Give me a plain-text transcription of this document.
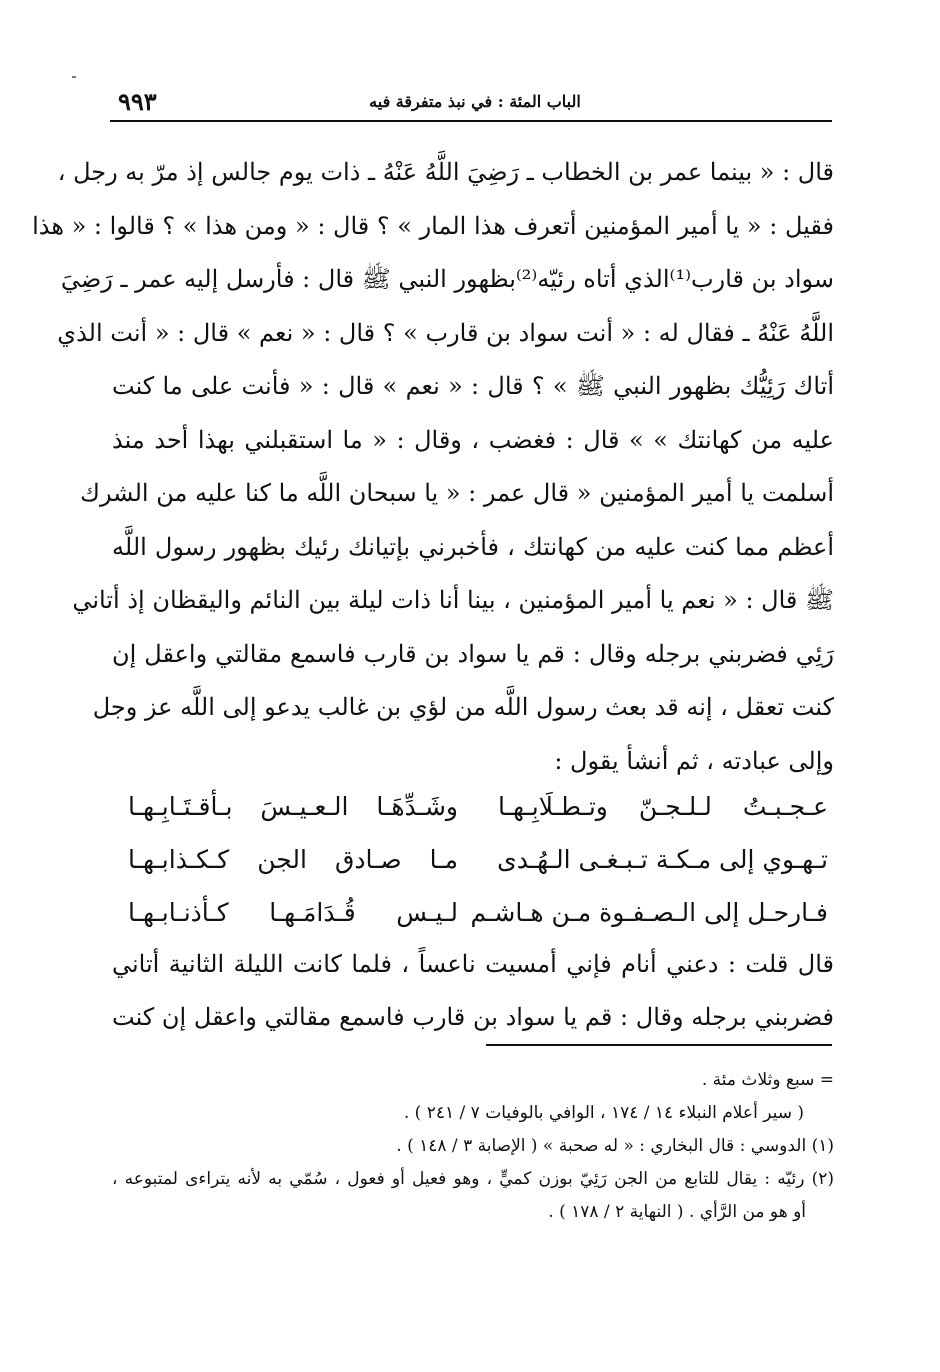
٩٩٣	الباب المئة : في نبذ متفرقة فيه
قال : « بينما عمر بن الخطاب ـ رَضِيَ اللَّهُ عَنْهُ ـ ذات يوم جالس إذ مرّ به رجل ،
فقيل : « يا أمير المؤمنين أتعرف هذا المار » ؟ قال : « ومن هذا » ؟ قالوا : « هذا
سواد بن قارب⁽¹⁾الذي أتاه رئيّه⁽²⁾بظهور النبي ﷺ قال : فأرسل إليه عمر ـ رَضِيَ
اللَّهُ عَنْهُ ـ فقال له : « أنت سواد بن قارب » ؟ قال : « نعم » قال : « أنت الذي
أتاك رَئِيُّك بظهور النبي ﷺ » ؟ قال : « نعم » قال : « فأنت على ما كنت
عليه من كهانتك » » قال : فغضب ، وقال : « ما استقبلني بهذا أحد منذ
أسلمت يا أمير المؤمنين « قال عمر : « يا سبحان اللَّه ما كنا عليه من الشرك
أعظم مما كنت عليه من كهانتك ، فأخبرني بإتيانك رئيك بظهور رسول اللَّه
ﷺ قال : « نعم يا أمير المؤمنين ، بينا أنا ذات ليلة بين النائم واليقظان إذ أتاني
رَئِي فضربني برجله وقال : قم يا سواد بن قارب فاسمع مقالتي واعقل إن
كنت تعقل ، إنه قد بعث رسول اللَّه من لؤي بن غالب يدعو إلى اللَّه عز وجل
وإلى عبادته ، ثم أنشأ يقول :
عـجـبـتُ لـلـجـنّ وتـطـلَابِـهـا
وشَـدِّهَـا الـعـيـسَ بـأقـتَـابِـهـا
تـهـوي إلى مـكـة تـبـغـى الـهُـدى
مـا صـادق الجن كـكـذابـهـا
فـارحـل إلى الـصـفـوة مـن هـاشـم
لـيـس قُـدَامَـهـا كـأذنـابـهـا
قال قلت : دعني أنام فإني أمسيت ناعساً ، فلما كانت الليلة الثانية أتاني
فضربني برجله وقال : قم يا سواد بن قارب فاسمع مقالتي واعقل إن كنت
= سبع وثلاث مئة .
( سير أعلام النبلاء ١٤ / ١٧٤ ، الوافي بالوفيات ٧ / ٢٤١ ) .
(١) الدوسي : قال البخاري : « له صحبة » ( الإصابة ٣ / ١٤٨ ) .
(٢) رئيّه : يقال للتابع من الجن رَئِيّ بوزن كميٍّ ، وهو فعيل أو فعول ، سُمّي به لأنه يتراءى لمتبوعه ،
أو هو من الرَّأي . ( النهاية ٢ / ١٧٨ ) .
